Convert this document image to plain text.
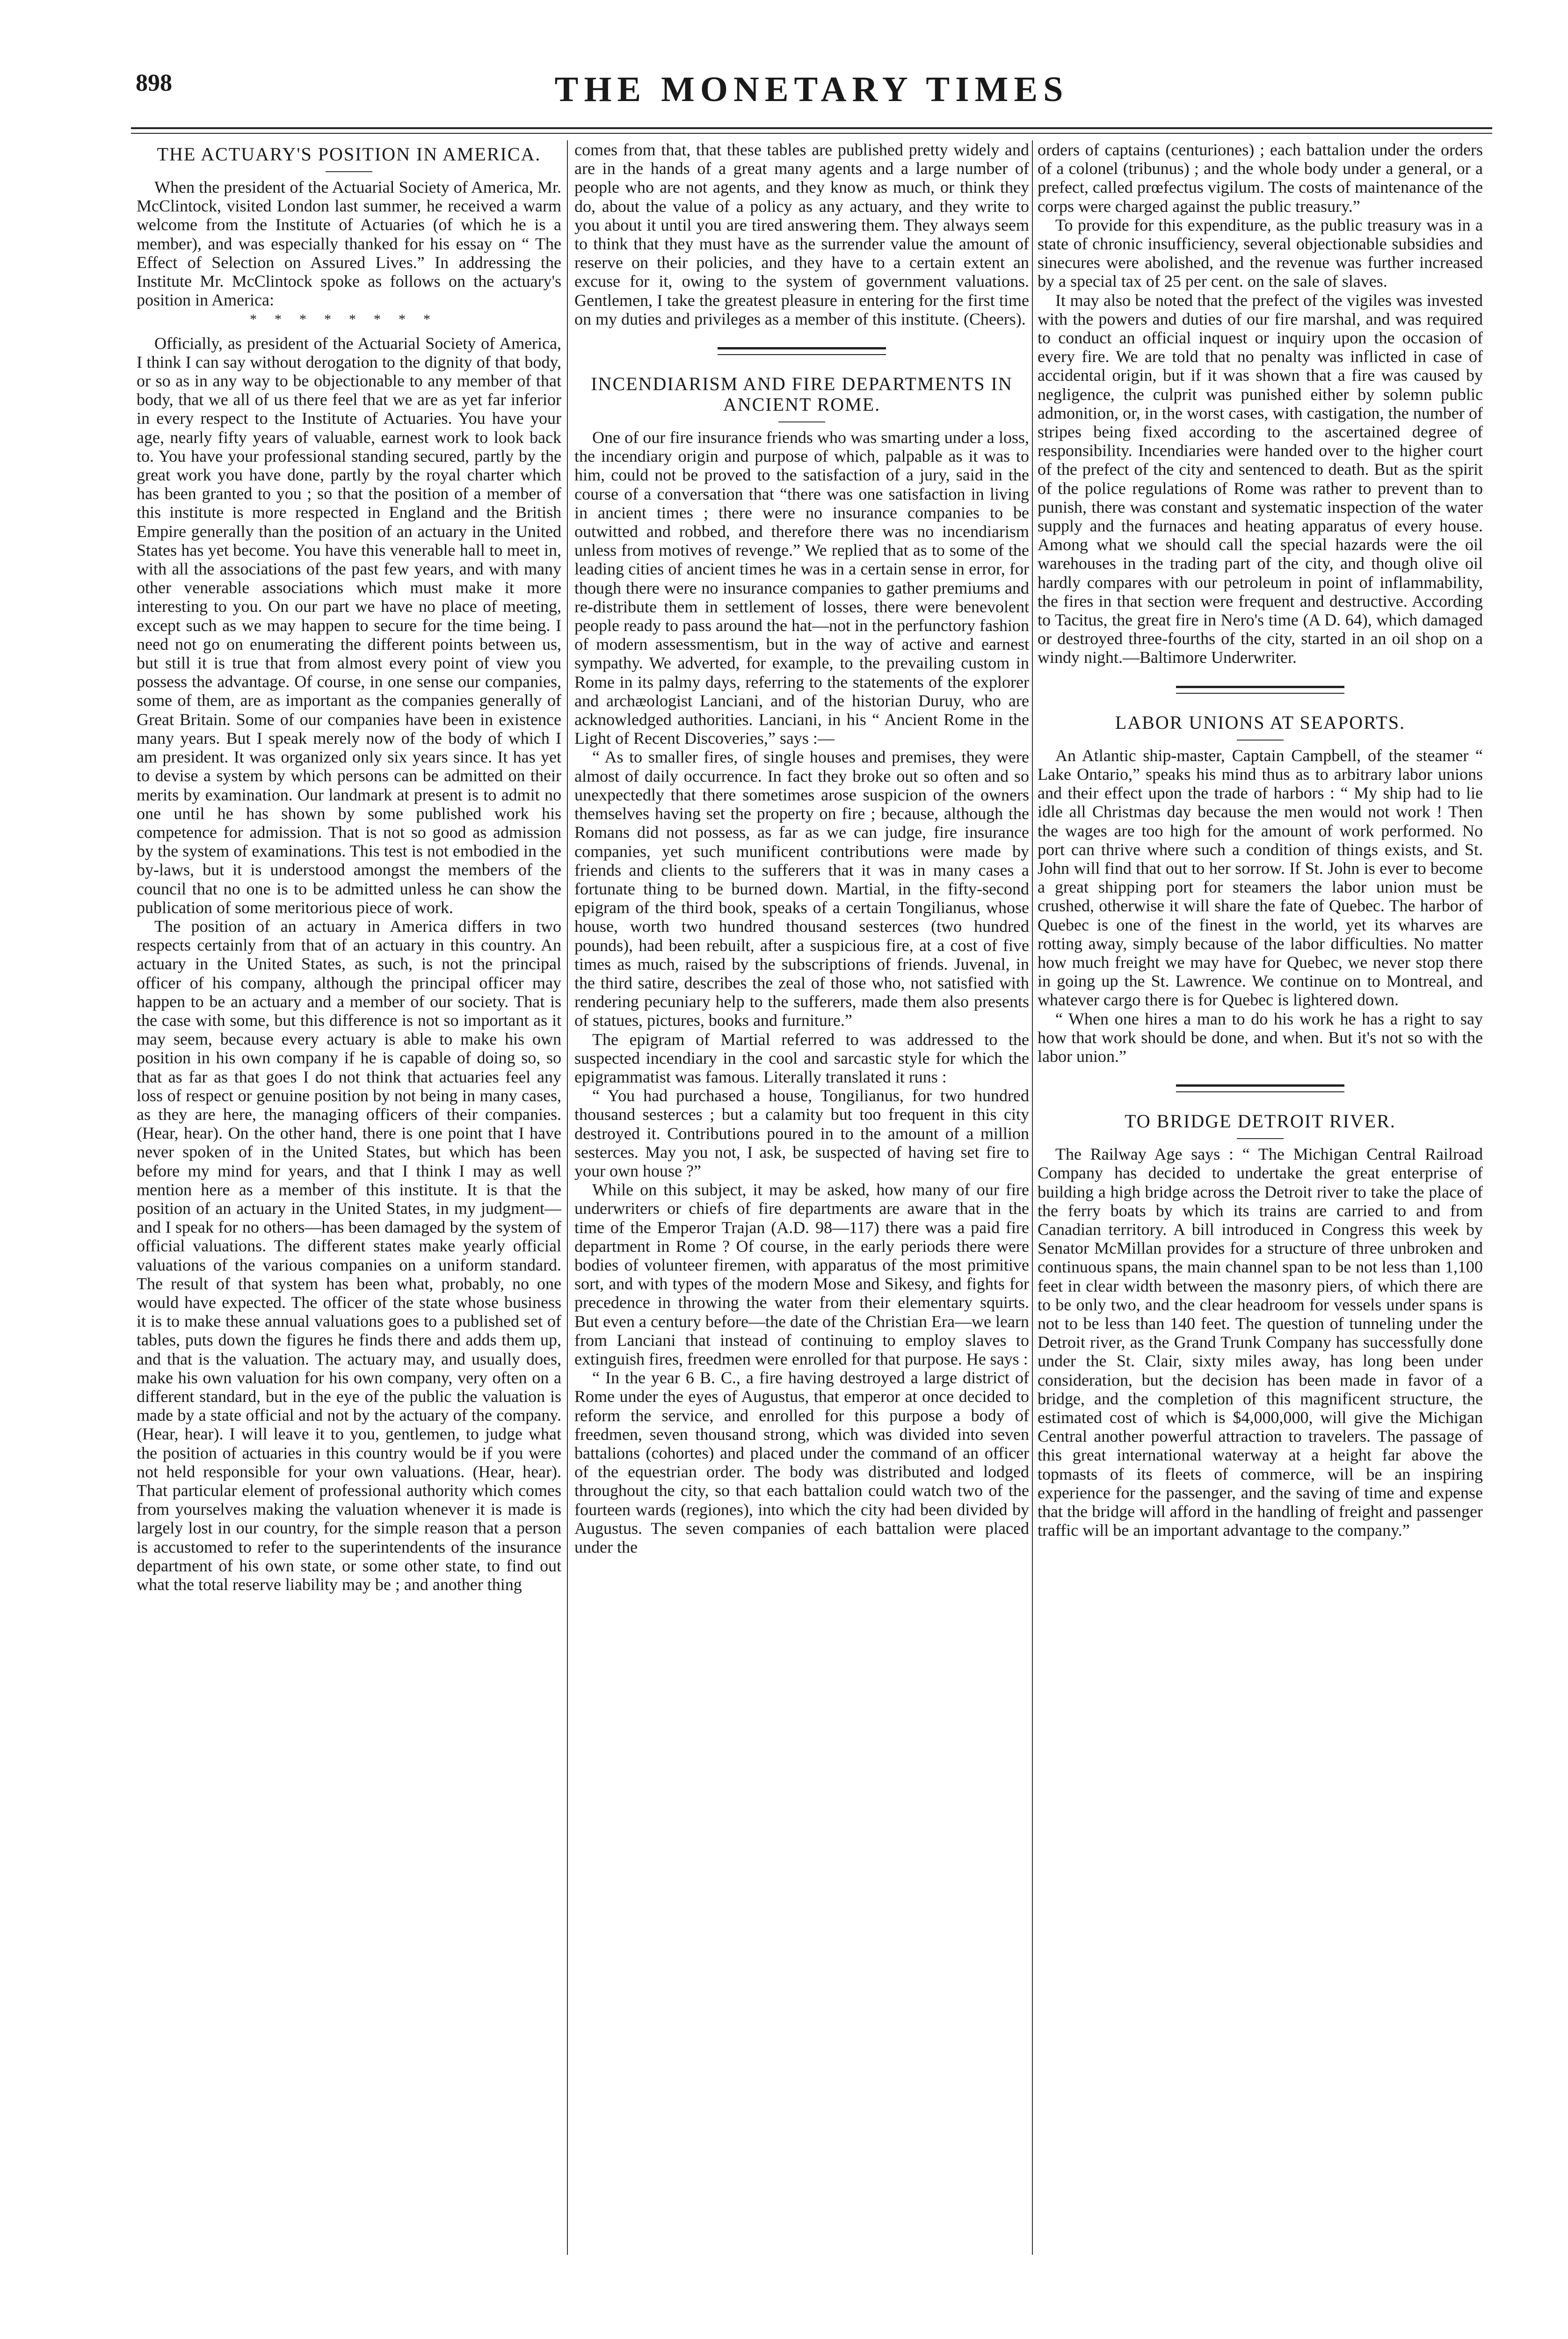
898	THE MONETARY TIMES
THE ACTUARY'S POSITION IN AMERICA.

When the president of the Actuarial Society of America, Mr. McClintock, visited London last summer, he received a warm welcome from the Institute of Actuaries (of which he is a member), and was especially thanked for his essay on “ The Effect of Selection on Assured Lives.” In addressing the Institute Mr. McClintock spoke as follows on the actuary's position in America:

********

Officially, as president of the Actuarial Society of America, I think I can say without derogation to the dignity of that body, or so as in any way to be objectionable to any member of that body, that we all of us there feel that we are as yet far inferior in every respect to the Institute of Actuaries. You have your age, nearly fifty years of valuable, earnest work to look back to. You have your professional standing secured, partly by the great work you have done, partly by the royal charter which has been granted to you ; so that the position of a member of this institute is more respected in England and the British Empire generally than the position of an actuary in the United States has yet become. You have this venerable hall to meet in, with all the associations of the past few years, and with many other venerable associations which must make it more interesting to you. On our part we have no place of meeting, except such as we may happen to secure for the time being. I need not go on enumerating the different points between us, but still it is true that from almost every point of view you possess the advantage. Of course, in one sense our companies, some of them, are as important as the companies generally of Great Britain. Some of our companies have been in existence many years. But I speak merely now of the body of which I am president. It was organized only six years since. It has yet to devise a system by which persons can be admitted on their merits by examination. Our landmark at present is to admit no one until he has shown by some published work his competence for admission. That is not so good as admission by the system of examinations. This test is not embodied in the by-laws, but it is understood amongst the members of the council that no one is to be admitted unless he can show the publication of some meritorious piece of work.

The position of an actuary in America differs in two respects certainly from that of an actuary in this country. An actuary in the United States, as such, is not the principal officer of his company, although the principal officer may happen to be an actuary and a member of our society. That is the case with some, but this difference is not so important as it may seem, because every actuary is able to make his own position in his own company if he is capable of doing so, so that as far as that goes I do not think that actuaries feel any loss of respect or genuine position by not being in many cases, as they are here, the managing officers of their companies. (Hear, hear). On the other hand, there is one point that I have never spoken of in the United States, but which has been before my mind for years, and that I think I may as well mention here as a member of this institute. It is that the position of an actuary in the United States, in my judgment—and I speak for no others—has been damaged by the system of official valuations. The different states make yearly official valuations of the various companies on a uniform standard. The result of that system has been what, probably, no one would have expected. The officer of the state whose business it is to make these annual valuations goes to a published set of tables, puts down the figures he finds there and adds them up, and that is the valuation. The actuary may, and usually does, make his own valuation for his own company, very often on a different standard, but in the eye of the public the valuation is made by a state official and not by the actuary of the company. (Hear, hear). I will leave it to you, gentlemen, to judge what the position of actuaries in this country would be if you were not held responsible for your own valuations. (Hear, hear). That particular element of professional authority which comes from yourselves making the valuation whenever it is made is largely lost in our country, for the simple reason that a person is accustomed to refer to the superintendents of the insurance department of his own state, or some other state, to find out what the total reserve liability may be ; and another thing

comes from that, that these tables are published pretty widely and are in the hands of a great many agents and a large number of people who are not agents, and they know as much, or think they do, about the value of a policy as any actuary, and they write to you about it until you are tired answering them. They always seem to think that they must have as the surrender value the amount of reserve on their policies, and they have to a certain extent an excuse for it, owing to the system of government valuations. Gentlemen, I take the greatest pleasure in entering for the first time on my duties and privileges as a member of this institute. (Cheers).

INCENDIARISM AND FIRE DEPARTMENTS IN ANCIENT ROME.

One of our fire insurance friends who was smarting under a loss, the incendiary origin and purpose of which, palpable as it was to him, could not be proved to the satisfaction of a jury, said in the course of a conversation that “there was one satisfaction in living in ancient times ; there were no insurance companies to be outwitted and robbed, and therefore there was no incendiarism unless from motives of revenge.” We replied that as to some of the leading cities of ancient times he was in a certain sense in error, for though there were no insurance companies to gather premiums and re-distribute them in settlement of losses, there were benevolent people ready to pass around the hat—not in the perfunctory fashion of modern assessmentism, but in the way of active and earnest sympathy. We adverted, for example, to the prevailing custom in Rome in its palmy days, referring to the statements of the explorer and archæologist Lanciani, and of the historian Duruy, who are acknowledged authorities. Lanciani, in his “ Ancient Rome in the Light of Recent Discoveries,” says :—

“ As to smaller fires, of single houses and premises, they were almost of daily occurrence. In fact they broke out so often and so unexpectedly that there sometimes arose suspicion of the owners themselves having set the property on fire ; because, although the Romans did not possess, as far as we can judge, fire insurance companies, yet such munificent contributions were made by friends and clients to the sufferers that it was in many cases a fortunate thing to be burned down. Martial, in the fifty-second epigram of the third book, speaks of a certain Tongilianus, whose house, worth two hundred thousand sesterces (two hundred pounds), had been rebuilt, after a suspicious fire, at a cost of five times as much, raised by the subscriptions of friends. Juvenal, in the third satire, describes the zeal of those who, not satisfied with rendering pecuniary help to the sufferers, made them also presents of statues, pictures, books and furniture.”

The epigram of Martial referred to was addressed to the suspected incendiary in the cool and sarcastic style for which the epigrammatist was famous. Literally translated it runs :

“ You had purchased a house, Tongilianus, for two hundred thousand sesterces ; but a calamity but too frequent in this city destroyed it. Contributions poured in to the amount of a million sesterces. May you not, I ask, be suspected of having set fire to your own house ?”

While on this subject, it may be asked, how many of our fire underwriters or chiefs of fire departments are aware that in the time of the Emperor Trajan (A.D. 98—117) there was a paid fire department in Rome ? Of course, in the early periods there were bodies of volunteer firemen, with apparatus of the most primitive sort, and with types of the modern Mose and Sikesy, and fights for precedence in throwing the water from their elementary squirts. But even a century before—the date of the Christian Era—we learn from Lanciani that instead of continuing to employ slaves to extinguish fires, freedmen were enrolled for that purpose. He says :

“ In the year 6 B. C., a fire having destroyed a large district of Rome under the eyes of Augustus, that emperor at once decided to reform the service, and enrolled for this purpose a body of freedmen, seven thousand strong, which was divided into seven battalions (cohortes) and placed under the command of an officer of the equestrian order. The body was distributed and lodged throughout the city, so that each battalion could watch two of the fourteen wards (regiones), into which the city had been divided by Augustus. The seven companies of each battalion were placed under the

orders of captains (centuriones) ; each battalion under the orders of a colonel (tribunus) ; and the whole body under a general, or a prefect, called prœfectus vigilum. The costs of maintenance of the corps were charged against the public treasury.”

To provide for this expenditure, as the public treasury was in a state of chronic insufficiency, several objectionable subsidies and sinecures were abolished, and the revenue was further increased by a special tax of 25 per cent. on the sale of slaves.

It may also be noted that the prefect of the vigiles was invested with the powers and duties of our fire marshal, and was required to conduct an official inquest or inquiry upon the occasion of every fire. We are told that no penalty was inflicted in case of accidental origin, but if it was shown that a fire was caused by negligence, the culprit was punished either by solemn public admonition, or, in the worst cases, with castigation, the number of stripes being fixed according to the ascertained degree of responsibility. Incendiaries were handed over to the higher court of the prefect of the city and sentenced to death. But as the spirit of the police regulations of Rome was rather to prevent than to punish, there was constant and systematic inspection of the water supply and the furnaces and heating apparatus of every house. Among what we should call the special hazards were the oil warehouses in the trading part of the city, and though olive oil hardly compares with our petroleum in point of inflammability, the fires in that section were frequent and destructive. According to Tacitus, the great fire in Nero's time (A D. 64), which damaged or destroyed three-fourths of the city, started in an oil shop on a windy night.—Baltimore Underwriter.

LABOR UNIONS AT SEAPORTS.

An Atlantic ship-master, Captain Campbell, of the steamer “ Lake Ontario,” speaks his mind thus as to arbitrary labor unions and their effect upon the trade of harbors : “ My ship had to lie idle all Christmas day because the men would not work ! Then the wages are too high for the amount of work performed. No port can thrive where such a condition of things exists, and St. John will find that out to her sorrow. If St. John is ever to become a great shipping port for steamers the labor union must be crushed, otherwise it will share the fate of Quebec. The harbor of Quebec is one of the finest in the world, yet its wharves are rotting away, simply because of the labor difficulties. No matter how much freight we may have for Quebec, we never stop there in going up the St. Lawrence. We continue on to Montreal, and whatever cargo there is for Quebec is lightered down.

“ When one hires a man to do his work he has a right to say how that work should be done, and when. But it's not so with the labor union.”

TO BRIDGE DETROIT RIVER.

The Railway Age says : “ The Michigan Central Railroad Company has decided to undertake the great enterprise of building a high bridge across the Detroit river to take the place of the ferry boats by which its trains are carried to and from Canadian territory. A bill introduced in Congress this week by Senator McMillan provides for a structure of three unbroken and continuous spans, the main channel span to be not less than 1,100 feet in clear width between the masonry piers, of which there are to be only two, and the clear headroom for vessels under spans is not to be less than 140 feet. The question of tunneling under the Detroit river, as the Grand Trunk Company has successfully done under the St. Clair, sixty miles away, has long been under consideration, but the decision has been made in favor of a bridge, and the completion of this magnificent structure, the estimated cost of which is $4,000,000, will give the Michigan Central another powerful attraction to travelers. The passage of this great international waterway at a height far above the topmasts of its fleets of commerce, will be an inspiring experience for the passenger, and the saving of time and expense that the bridge will afford in the handling of freight and passenger traffic will be an important advantage to the company.”
